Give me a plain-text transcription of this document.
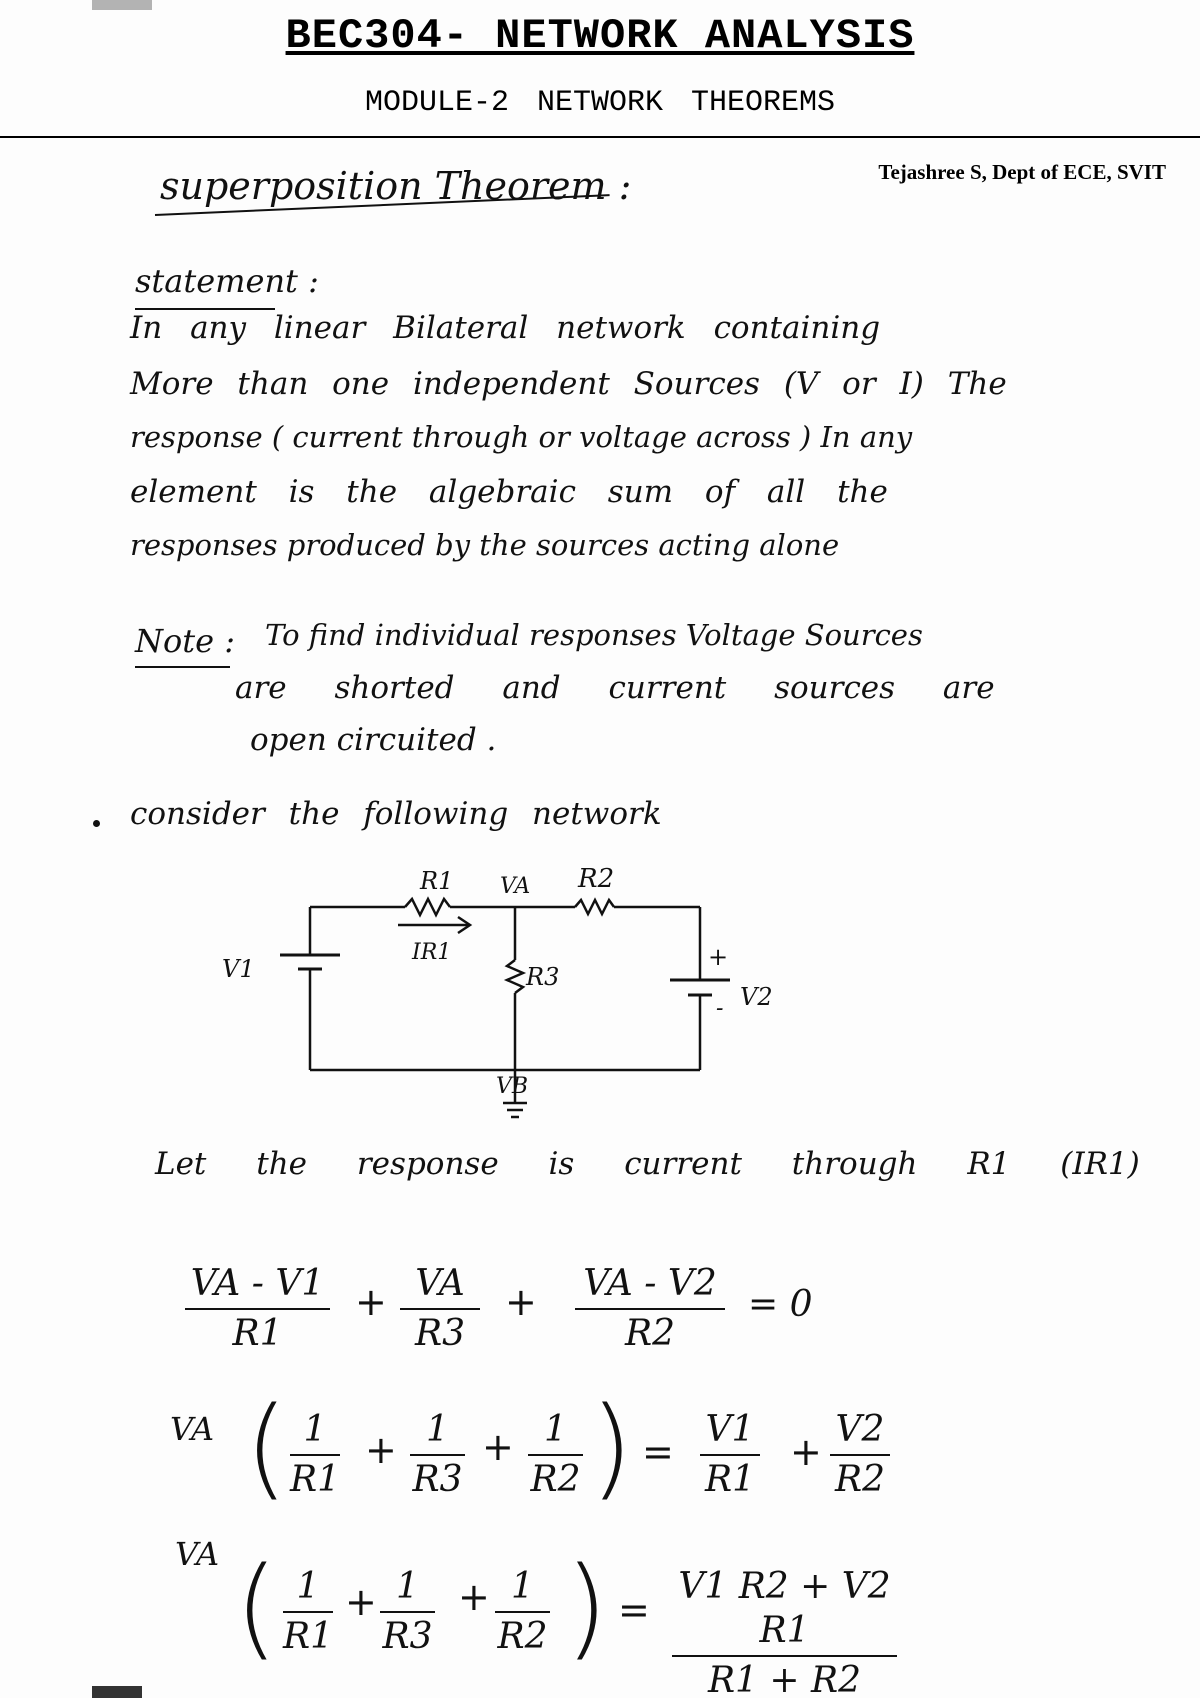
BEC304- NETWORK ANALYSIS
MODULE-2 NETWORK THEOREMS
Tejashree S, Dept of ECE, SVIT
superposition Theorem :
statement :
In any linear Bilateral network containing
More than one independent Sources (V or I) The
response ( current through or voltage across ) In any
element is the algebraic sum of all the
responses produced by the sources acting alone
Note : To find individual responses Voltage Sources
are shorted and current sources are
open circuited .
consider the following network
R1	R2
VA
R3
IR1
V1
V2
+
-
VB
Let the response is current through R1 (IR1)
VA - V1
R1
+ VA
R3
+ VA - V2
R2
= 0
VA ( 1
R1
+ 1
R3
+ 1
R2 ) =
V1
R1
+
V2
R2
VA ( 1
R1
+ 1
R3
+ 1
R2 ) =
V1 R2 + V2 R1
R1 + R2
